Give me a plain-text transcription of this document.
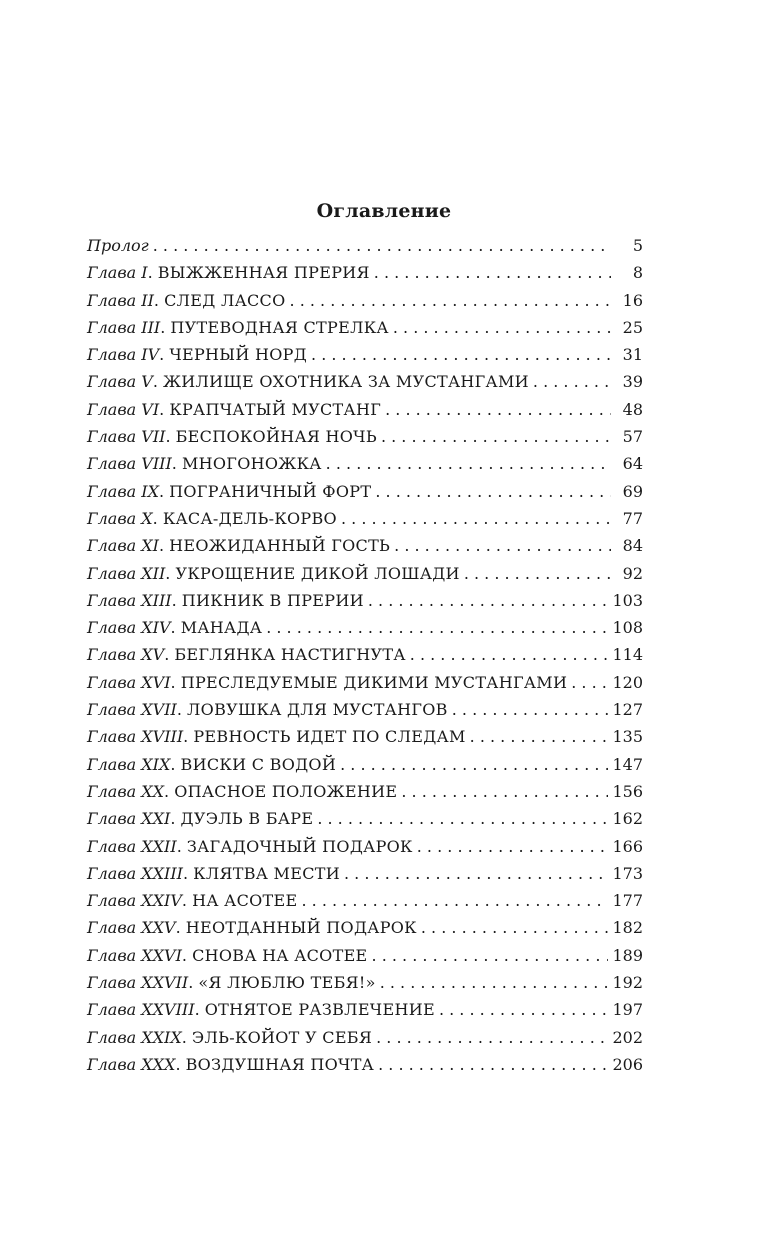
Оглавление
Пролог . . .	5
Глава I. ВЫЖЖЕННАЯ ПРЕРИЯ . . .	8
Глава II. СЛЕД ЛАССО . . .	16
Глава III. ПУТЕВОДНАЯ СТРЕЛКА . . .	25
Глава IV. ЧЕРНЫЙ НОРД . . .	31
Глава V. ЖИЛИЩЕ ОХОТНИКА ЗА МУСТАНГАМИ . . .	39
Глава VI. КРАПЧАТЫЙ МУСТАНГ . . .	48
Глава VII. БЕСПОКОЙНАЯ НОЧЬ . . .	57
Глава VIII. МНОГОНОЖКА . . .	64
Глава IX. ПОГРАНИЧНЫЙ ФОРТ . . .	69
Глава X. КАСА-ДЕЛЬ-КОРВО . . .	77
Глава XI. НЕОЖИДАННЫЙ ГОСТЬ . . .	84
Глава XII. УКРОЩЕНИЕ ДИКОЙ ЛОШАДИ . . .	92
Глава XIII. ПИКНИК В ПРЕРИИ . . .	103
Глава XIV. МАНАДА . . .	108
Глава XV. БЕГЛЯНКА НАСТИГНУТА . . .	114
Глава XVI. ПРЕСЛЕДУЕМЫЕ ДИКИМИ МУСТАНГАМИ . . .	120
Глава XVII. ЛОВУШКА ДЛЯ МУСТАНГОВ . . .	127
Глава XVIII. РЕВНОСТЬ ИДЕТ ПО СЛЕДАМ . . .	135
Глава XIX. ВИСКИ С ВОДОЙ . . .	147
Глава XX. ОПАСНОЕ ПОЛОЖЕНИЕ . . .	156
Глава XXI. ДУЭЛЬ В БАРЕ . . .	162
Глава XXII. ЗАГАДОЧНЫЙ ПОДАРОК . . .	166
Глава XXIII. КЛЯТВА МЕСТИ . . .	173
Глава XXIV. НА АСОТЕЕ . . .	177
Глава XXV. НЕОТДАННЫЙ ПОДАРОК . . .	182
Глава XXVI. СНОВА НА АСОТЕЕ . . .	189
Глава XXVII. «Я ЛЮБЛЮ ТЕБЯ!» . . .	192
Глава XXVIII. ОТНЯТОЕ РАЗВЛЕЧЕНИЕ . . .	197
Глава XXIX. ЭЛЬ-КОЙОТ У СЕБЯ . . .	202
Глава XXX. ВОЗДУШНАЯ ПОЧТА . . .	206
